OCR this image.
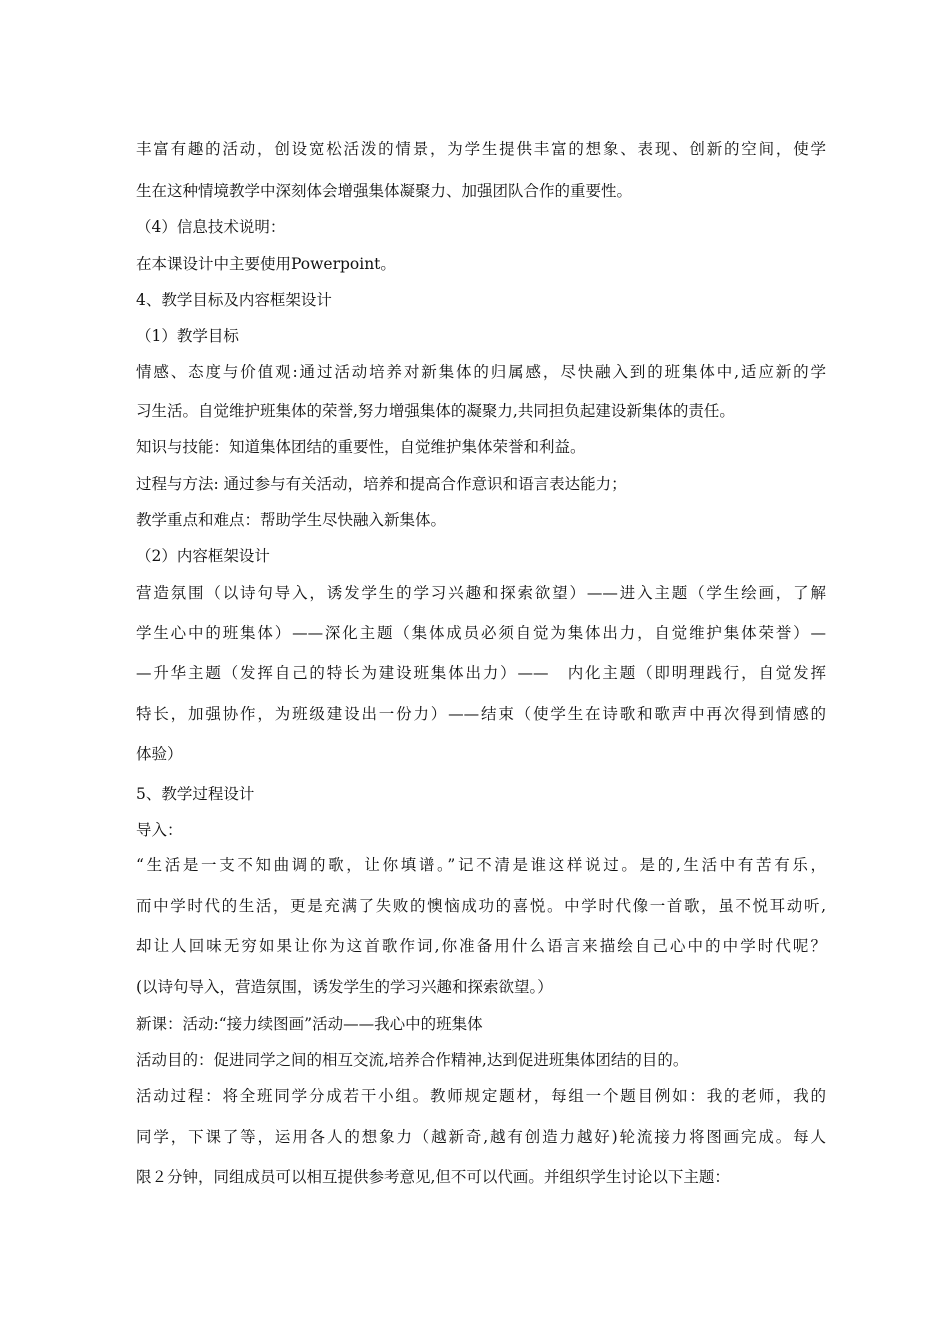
丰富有趣的活动，创设宽松活泼的情景，为学生提供丰富的想象、表现、创新的空间，使学
生在这种情境教学中深刻体会增强集体凝聚力、加强团队合作的重要性。
（4）信息技术说明：
在本课设计中主要使用Powerpoint。
4、教学目标及内容框架设计
（1）教学目标
情感、态度与价值观:通过活动培养对新集体的归属感，尽快融入到的班集体中,适应新的学
习生活。自觉维护班集体的荣誉,努力增强集体的凝聚力,共同担负起建设新集体的责任。
知识与技能：知道集体团结的重要性，自觉维护集体荣誉和利益。
过程与方法: 通过参与有关活动，培养和提高合作意识和语言表达能力；
教学重点和难点：帮助学生尽快融入新集体。
（2）内容框架设计
营造氛围（以诗句导入，诱发学生的学习兴趣和探索欲望）——进入主题（学生绘画，了解
学生心中的班集体）——深化主题（集体成员必须自觉为集体出力，自觉维护集体荣誉）—
—升华主题（发挥自己的特长为建设班集体出力）——　内化主题（即明理践行，自觉发挥
特长，加强协作，为班级建设出一份力）——结束（使学生在诗歌和歌声中再次得到情感的
体验）
5、教学过程设计
导入：
“生活是一支不知曲调的歌，让你填谱。”记不清是谁这样说过。是的,生活中有苦有乐，
而中学时代的生活，更是充满了失败的懊恼成功的喜悦。中学时代像一首歌，虽不悦耳动听,
却让人回味无穷如果让你为这首歌作词,你准备用什么语言来描绘自己心中的中学时代呢？
(以诗句导入，营造氛围，诱发学生的学习兴趣和探索欲望。）
新课：活动:“接力续图画”活动——我心中的班集体
活动目的：促进同学之间的相互交流,培养合作精神,达到促进班集体团结的目的。
活动过程：将全班同学分成若干小组。教师规定题材，每组一个题目例如：我的老师，我的
同学，下课了等，运用各人的想象力（越新奇,越有创造力越好)轮流接力将图画完成。每人
限２分钟，同组成员可以相互提供参考意见,但不可以代画。并组织学生讨论以下主题：
